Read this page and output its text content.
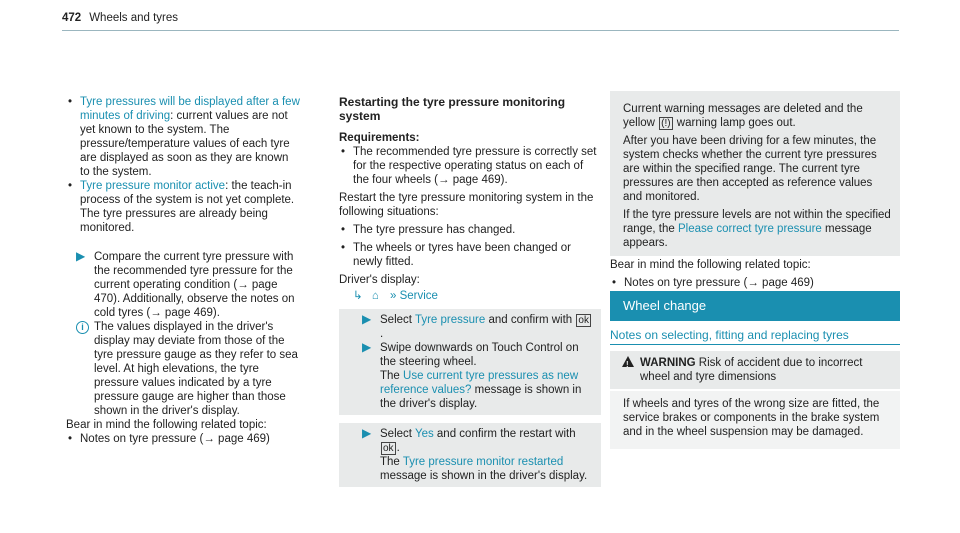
472 Wheels and tyres

• Tyre pressures will be displayed after a few minutes of driving: current values are not yet known to the system. The pressure/temperature values of each tyre are displayed as soon as they are known to the system.

• Tyre pressure monitor active: the teach-in process of the system is not yet complete. The tyre pressures are already being monitored.

▶ Compare the current tyre pressure with the recommended tyre pressure for the current operating condition (→ page 470). Additionally, observe the notes on cold tyres (→ page 469).

i The values displayed in the driver's display may deviate from those of the tyre pressure gauge as they refer to sea level. At high elevations, the tyre pressure values indicated by a tyre pressure gauge are higher than those shown in the driver's display.

Bear in mind the following related topic:

• Notes on tyre pressure (→ page 469)

Restarting the tyre pressure monitoring system

Requirements:

• The recommended tyre pressure is correctly set for the respective operating status on each of the four wheels (→ page 469).

Restart the tyre pressure monitoring system in the following situations:

• The tyre pressure has changed.

• The wheels or tyres have been changed or newly fitted.

Driver's display:

↳ ⌂ » Service

▶ Select Tyre pressure and confirm with ok.

▶ Swipe downwards on Touch Control on the steering wheel.
The Use current tyre pressures as new reference values? message is shown in the driver's display.

▶ Select Yes and confirm the restart with ok .
The Tyre pressure monitor restarted message is shown in the driver's display.

Current warning messages are deleted and the yellow (!) warning lamp goes out.

After you have been driving for a few minutes, the system checks whether the current tyre pressures are within the specified range. The current tyre pressures are then accepted as reference values and monitored.

If the tyre pressure levels are not within the specified range, the Please correct tyre pressure message appears.

Bear in mind the following related topic:

• Notes on tyre pressure (→ page 469)

Wheel change
Notes on selecting, fitting and replacing tyres
! WARNING Risk of accident due to incorrect wheel and tyre dimensions
If wheels and tyres of the wrong size are fitted, the service brakes or components in the brake system and in the wheel suspension may be damaged.
